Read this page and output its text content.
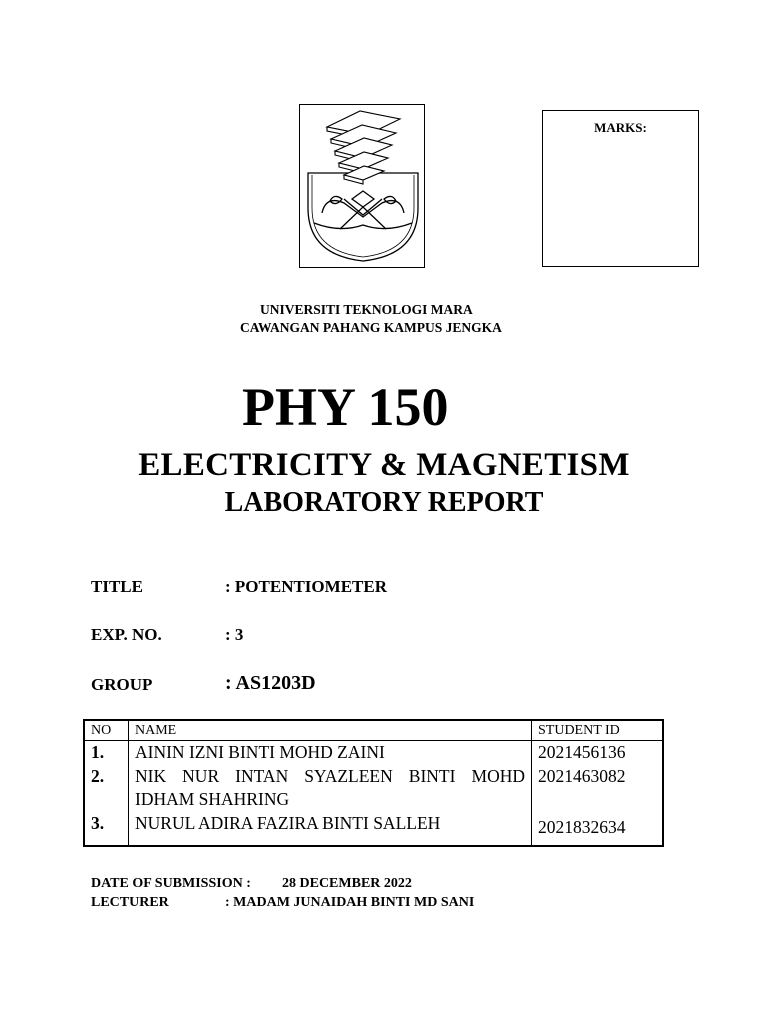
MARKS:
UNIVERSITI TEKNOLOGI MARA
CAWANGAN PAHANG KAMPUS JENGKA
PHY 150
ELECTRICITY & MAGNETISM
LABORATORY REPORT
TITLE	: POTENTIOMETER
EXP. NO.	: 3
GROUP	: AS1203D
NO	NAME	STUDENT ID
1.	AININ IZNI BINTI MOHD ZAINI	2021456136
2.	NIK NUR INTAN SYAZLEEN BINTI MOHD IDHAM SHAHRING	2021463082
3.	NURUL ADIRA FAZIRA BINTI SALLEH	2021832634
DATE OF SUBMISSION : 28 DECEMBER 2022
LECTURER	: MADAM JUNAIDAH BINTI MD SANI
